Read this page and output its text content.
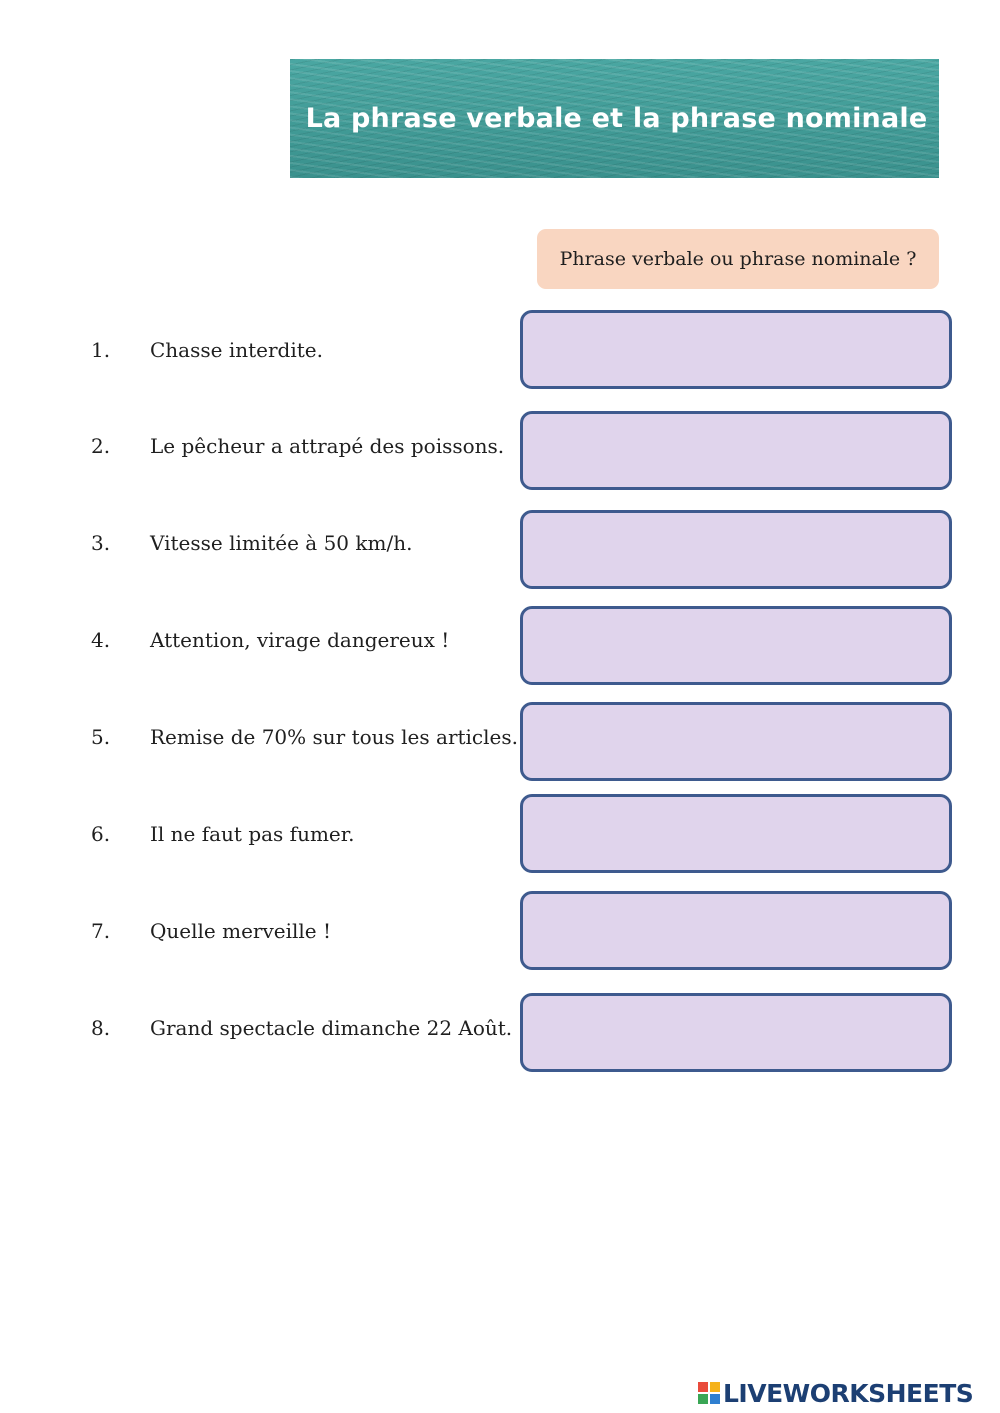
La phrase verbale et la phrase nominale
Phrase verbale ou phrase nominale ?
1. Chasse interdite.
2. Le pêcheur a attrapé des poissons.
3. Vitesse limitée à 50 km/h.
4. Attention, virage dangereux !
5. Remise de 70% sur tous les articles.
6. Il ne faut pas fumer.
7. Quelle merveille !
8. Grand spectacle dimanche 22 Août.
LIVEWORKSHEETS
